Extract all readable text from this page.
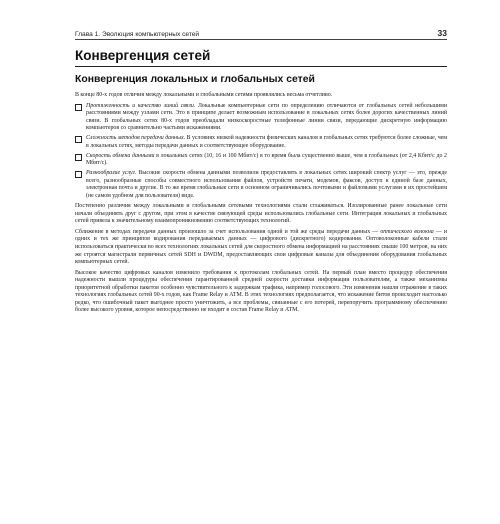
Глава 1. Эволюция компьютерных сетей	33
Конвергенция сетей
Конвергенция локальных и глобальных сетей

В конце 80-х годов отличия между локальными и глобальными сетями проявлялись весьма отчетливо.

Протяженность и качество линий связи. Локальные компьютерные сети по определению отличаются от глобальных сетей небольшими расстояниями между узлами сети. Это в принципе делает возможным использование в локальных сетях более дорогих качественных линий связи. В глобальных сетях 80-х годов преобладали низкоскоростные телефонные линии связи, передающие дискретную информацию компьютеров со сравнительно частыми искажениями.
Сложность методов передачи данных. В условиях низкой надежности физических каналов в глобальных сетях требуются более сложные, чем в локальных сетях, методы передачи данных и соответствующее оборудование.
Скорость обмена данными в локальных сетях (10, 16 и 100 Мбит/с) в то время была существенно выше, чем в глобальных (от 2,4 Кбит/с до 2 Мбит/с).
Разнообразие услуг. Высокие скорости обмена данными позволили предоставлять в локальных сетях широкий спектр услуг — это, прежде всего, разнообразные способы совместного использования файлов, устройств печати, модемов, факсов, доступ к единой базе данных, электронная почта и другие. В то же время глобальные сети в основном ограничивались почтовыми и файловыми услугами в их простейшем (не самом удобном для пользователя) виде.

Постепенно различия между локальными и глобальными сетевыми технологиями стали сглаживаться. Изолированные ранее локальные сети начали объединять друг с другом, при этом в качестве связующей среды использовались глобальные сети. Интеграция локальных и глобальных сетей привела к значительному взаимопроникновению соответствующих технологий.

Сближение в методах передачи данных произошло за счет использования одной и той же среды передачи данных — оптического волокна — и одних и тех же принципов кодирования передаваемых данных — цифрового (дискретного) кодирования. Оптоволоконные кабели стали использоваться практически во всех технологиях локальных сетей для скоростного обмена информацией на расстояниях свыше 100 метров, на них же строятся магистрали первичных сетей SDH и DWDM, предоставляющих свои цифровые каналы для объединения оборудования глобальных компьютерных сетей.

Высокое качество цифровых каналов изменило требования к протоколам глобальных сетей. На первый план вместо процедур обеспечения надежности вышли процедуры обеспечения гарантированной средней скорости доставки информации пользователям, а также механизмы приоритетной обработки пакетов особенно чувствительного к задержкам трафика, например голосового. Эти изменения нашли отражение в таких технологиях глобальных сетей 90-х годов, как Frame Relay и ATM. В этих технологиях предполагается, что искажение битов происходит настолько редко, что ошибочный пакет выгоднее просто уничтожить, а все проблемы, связанные с его потерей, перепоручить программному обеспечению более высокого уровня, которое непосредственно не входит в состав Frame Relay и ATM.
